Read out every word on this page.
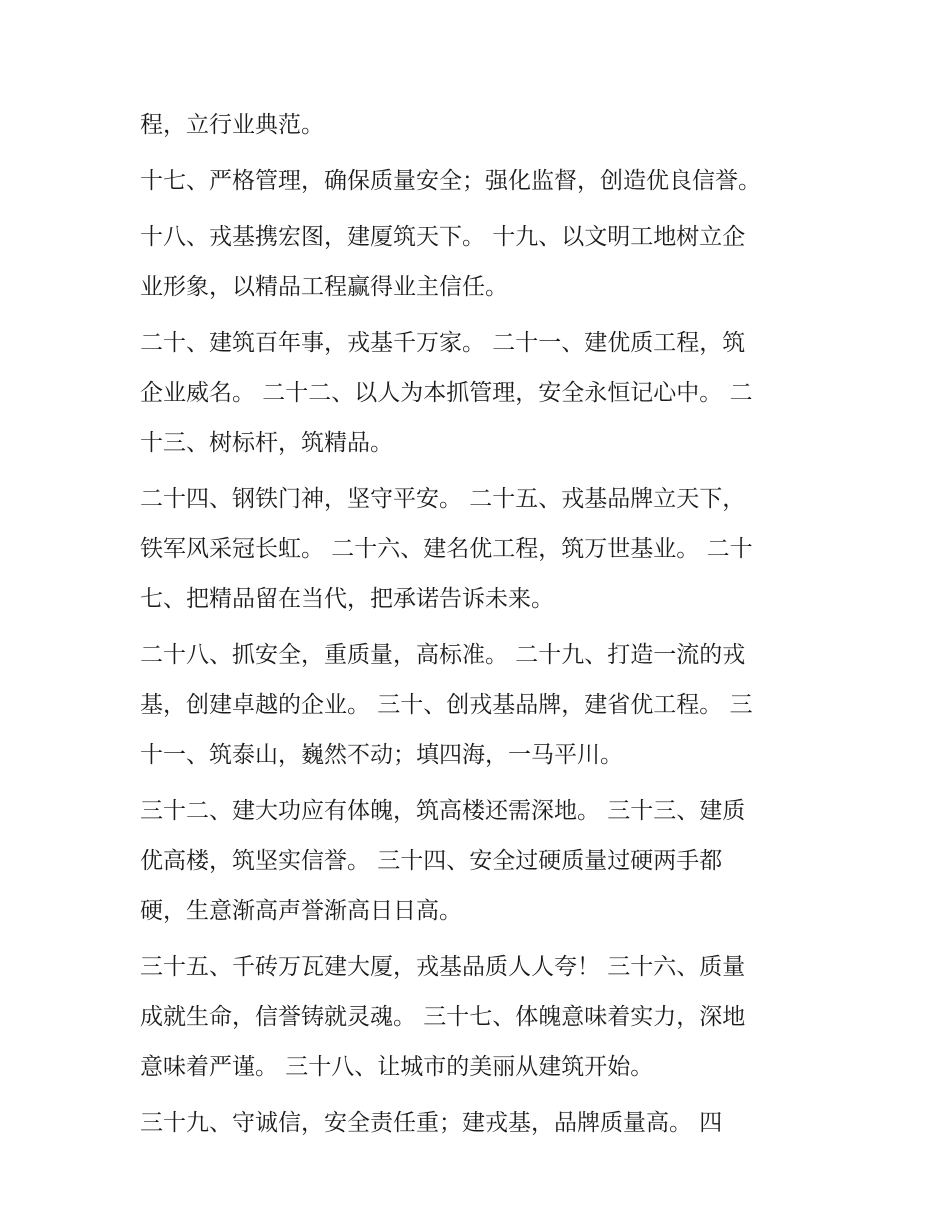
程，立行业典范。
十七、严格管理，确保质量安全；强化监督，创造优良信誉。
十八、戎基携宏图，建厦筑天下。 十九、以文明工地树立企
业形象，以精品工程赢得业主信任。
二十、建筑百年事，戎基千万家。 二十一、建优质工程，筑
企业威名。 二十二、以人为本抓管理，安全永恒记心中。 二
十三、树标杆，筑精品。
二十四、钢铁门神，坚守平安。 二十五、戎基品牌立天下，
铁军风采冠长虹。 二十六、建名优工程，筑万世基业。 二十
七、把精品留在当代，把承诺告诉未来。
二十八、抓安全，重质量，高标准。 二十九、打造一流的戎
基，创建卓越的企业。 三十、创戎基品牌，建省优工程。 三
十一、筑泰山，巍然不动；填四海，一马平川。
三十二、建大功应有体魄，筑高楼还需深地。 三十三、建质
优高楼，筑坚实信誉。 三十四、安全过硬质量过硬两手都
硬，生意渐高声誉渐高日日高。
三十五、千砖万瓦建大厦，戎基品质人人夸！ 三十六、质量
成就生命，信誉铸就灵魂。 三十七、体魄意味着实力，深地
意味着严谨。 三十八、让城市的美丽从建筑开始。
三十九、守诚信，安全责任重；建戎基，品牌质量高。 四
